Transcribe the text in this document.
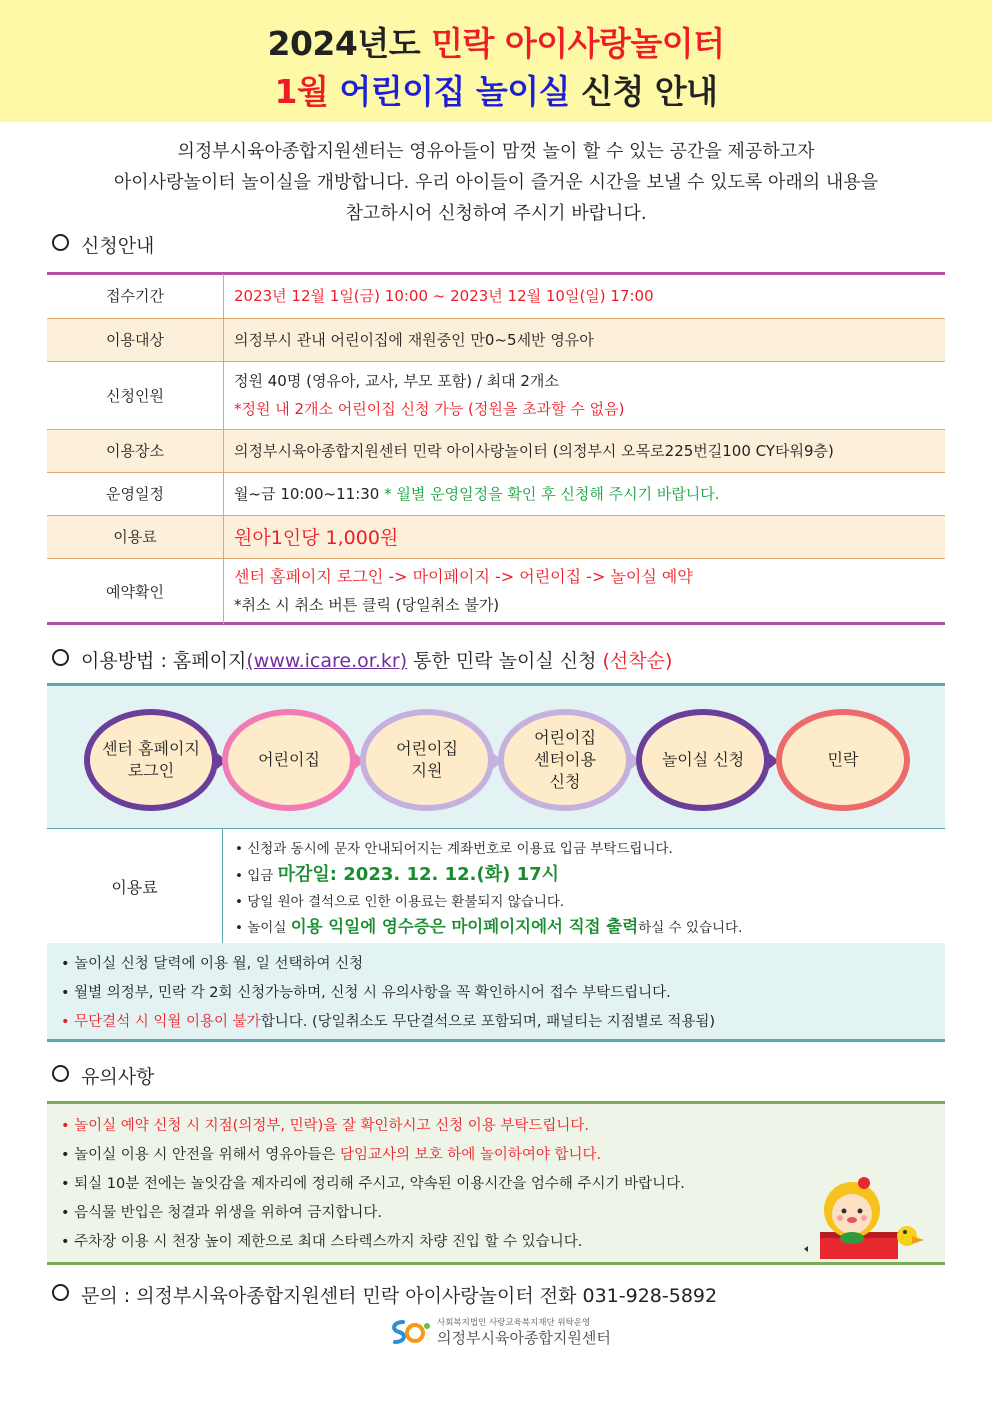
2024년도 민락 아이사랑놀이터
1월 어린이집 놀이실 신청 안내
의정부시육아종합지원센터는 영유아들이 맘껏 놀이 할 수 있는 공간을 제공하고자
아이사랑놀이터 놀이실을 개방합니다. 우리 아이들이 즐거운 시간을 보낼 수 있도록 아래의 내용을
참고하시어 신청하여 주시기 바랍니다.
신청안내
접수기간	2023년 12월 1일(금) 10:00 ~ 2023년 12월 10일(일) 17:00
이용대상	의정부시 관내 어린이집에 재원중인 만0~5세반 영유아
신청인원	정원 40명 (영유아, 교사, 부모 포함) / 최대 2개소
*정원 내 2개소 어린이집 신청 가능 (정원을 초과할 수 없음)

이용장소	의정부시육아종합지원센터 민락 아이사랑놀이터 (의정부시 오목로225번길100 CY타워9층)
운영일정	월~금 10:00~11:30 * 월별 운영일정을 확인 후 신청해 주시기 바랍니다.
이용료	원아1인당 1,000원
예약확인	센터 홈페이지 로그인 -> 마이페이지 -> 어린이집 -> 놀이실 예약
*취소 시 취소 버튼 클릭 (당일취소 불가)
이용방법 : 홈페이지(www.icare.or.kr) 통한 민락 놀이실 신청 (선착순)
센터 홈페이지 로그인
어린이집
어린이집 지원
어린이집 센터이용 신청
놀이실 신청	민락
이용료
• 신청과 동시에 문자 안내되어지는 계좌번호로 이용료 입금 부탁드립니다.
• 입금 마감일: 2023. 12. 12.(화) 17시
• 당일 원아 결석으로 인한 이용료는 환불되지 않습니다.
• 놀이실 이용 익일에 영수증은 마이페이지에서 직접 출력하실 수 있습니다.
• 놀이실 신청 달력에 이용 월, 일 선택하여 신청
• 월별 의정부, 민락 각 2회 신청가능하며, 신청 시 유의사항을 꼭 확인하시어 접수 부탁드립니다.
• 무단결석 시 익월 이용이 불가합니다. (당일취소도 무단결석으로 포함되며, 패널티는 지점별로 적용됨)
유의사항
• 놀이실 예약 신청 시 지점(의정부, 민락)을 잘 확인하시고 신청 이용 부탁드립니다.
• 놀이실 이용 시 안전을 위해서 영유아들은 담임교사의 보호 하에 놀이하여야 합니다.
• 퇴실 10분 전에는 놀잇감을 제자리에 정리해 주시고, 약속된 이용시간을 엄수해 주시기 바랍니다.
• 음식물 반입은 청결과 위생을 위하여 금지합니다.
• 주차장 이용 시 천장 높이 제한으로 최대 스타렉스까지 차량 진입 할 수 있습니다.
문의 : 의정부시육아종합지원센터 민락 아이사랑놀이터 전화 031-928-5892
사회복지법인 사랑교육복지재단 위탁운영
의정부시육아종합지원센터
